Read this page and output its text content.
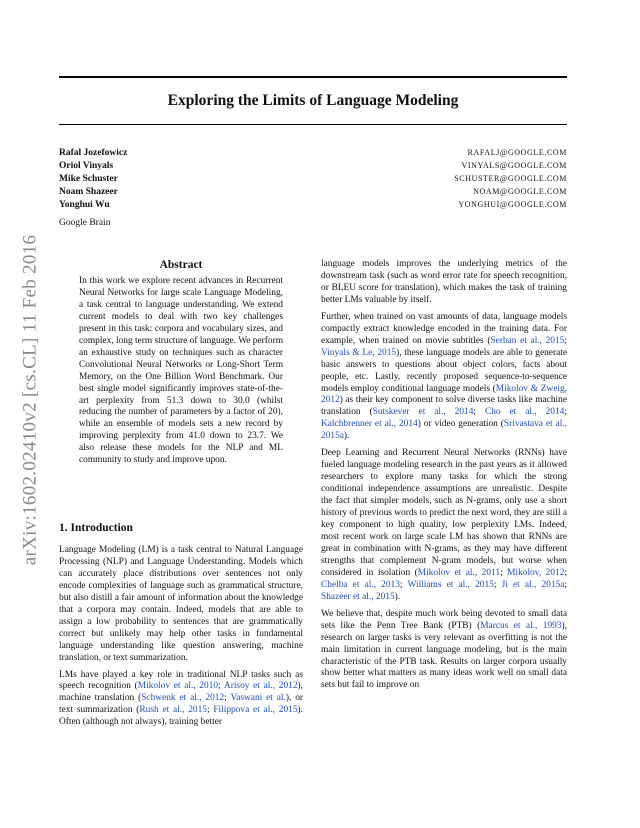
Exploring the Limits of Language Modeling
Rafal Jozefowicz	RAFALJ@GOOGLE.COM
Oriol Vinyals	VINYALS@GOOGLE.COM
Mike Schuster	SCHUSTER@GOOGLE.COM
Noam Shazeer	NOAM@GOOGLE.COM
Yonghui Wu	YONGHUI@GOOGLE.COM
Google Brain
arXiv:1602.02410v2 [cs.CL] 11 Feb 2016	Abstract
In this work we explore recent advances in Recurrent Neural Networks for large scale Language Modeling, a task central to language understanding. We extend current models to deal with two key challenges present in this task: corpora and vocabulary sizes, and complex, long term structure of language. We perform an exhaustive study on techniques such as character Convolutional Neural Networks or Long-Short Term Memory, on the One Billion Word Benchmark. Our best single model significantly improves state-of-the-art perplexity from 51.3 down to 30.0 (whilst reducing the number of parameters by a factor of 20), while an ensemble of models sets a new record by improving perplexity from 41.0 down to 23.7. We also release these models for the NLP and ML community to study and improve upon.
1. Introduction

Language Modeling (LM) is a task central to Natural Language Processing (NLP) and Language Understanding. Models which can accurately place distributions over sentences not only encode complexities of language such as grammatical structure, but also distill a fair amount of information about the knowledge that a corpora may contain. Indeed, models that are able to assign a low probability to sentences that are grammatically correct but unlikely may help other tasks in fundamental language understanding like question answering, machine translation, or text summarization.

LMs have played a key role in traditional NLP tasks such as speech recognition (Mikolov et al., 2010; Arisoy et al., 2012), machine translation (Schwenk et al., 2012; Vaswani et al.), or text summarization (Rush et al., 2015; Filippova et al., 2015). Often (although not always), training better

language models improves the underlying metrics of the downstream task (such as word error rate for speech recognition, or BLEU score for translation), which makes the task of training better LMs valuable by itself.

Further, when trained on vast amounts of data, language models compactly extract knowledge encoded in the training data. For example, when trained on movie subtitles (Serban et al., 2015; Vinyals & Le, 2015), these language models are able to generate basic answers to questions about object colors, facts about people, etc. Lastly, recently proposed sequence-to-sequence models employ conditional language models (Mikolov & Zweig, 2012) as their key component to solve diverse tasks like machine translation (Sutskever et al., 2014; Cho et al., 2014; Kalchbrenner et al., 2014) or video generation (Srivastava et al., 2015a).

Deep Learning and Recurrent Neural Networks (RNNs) have fueled language modeling research in the past years as it allowed researchers to explore many tasks for which the strong conditional independence assumptions are unrealistic. Despite the fact that simpler models, such as N-grams, only use a short history of previous words to predict the next word, they are still a key component to high quality, low perplexity LMs. Indeed, most recent work on large scale LM has shown that RNNs are great in combination with N-grams, as they may have different strengths that complement N-gram models, but worse when considered in isolation (Mikolov et al., 2011; Mikolov, 2012; Chelba et al., 2013; Williams et al., 2015; Ji et al., 2015a; Shazeer et al., 2015).

We believe that, despite much work being devoted to small data sets like the Penn Tree Bank (PTB) (Marcus et al., 1993), research on larger tasks is very relevant as overfitting is not the main limitation in current language modeling, but is the main characteristic of the PTB task. Results on larger corpora usually show better what matters as many ideas work well on small data sets but fail to improve on
